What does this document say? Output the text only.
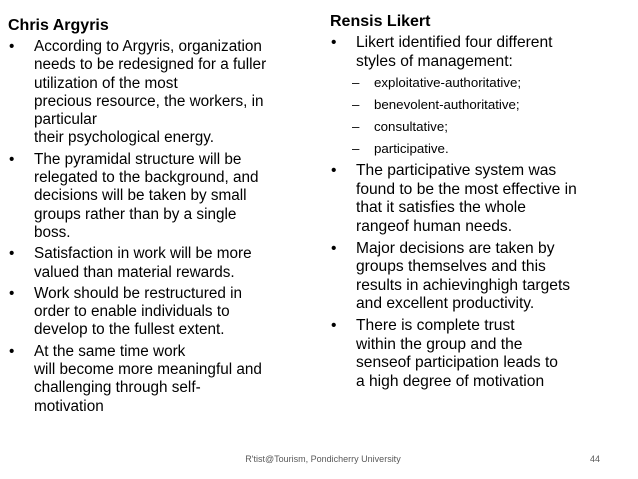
Chris Argyris
• According to Argyris, organization
needs to be redesigned for a fuller
utilization of the most
precious resource, the workers, in
particular
their psychological energy.
• The pyramidal structure will be
relegated to the background, and
decisions will be taken by small
groups rather than by a single
boss.
• Satisfaction in work will be more
valued than material rewards.
• Work should be restructured in
order to enable individuals to
develop to the fullest extent.
• At the same time work
will become more meaningful and
challenging through self-
motivation
Rensis Likert
• Likert identified four different
styles of management:
– exploitative-authoritative;
– benevolent-authoritative;
– consultative;
– participative.
• The participative system was
found to be the most effective in
that it satisfies the whole
rangeof human needs.
• Major decisions are taken by
groups themselves and this
results in achievinghigh targets
and excellent productivity.
• There is complete trust
within the group and the
senseof participation leads to
a high degree of motivation
R'tist@Tourism, Pondicherry University	44
